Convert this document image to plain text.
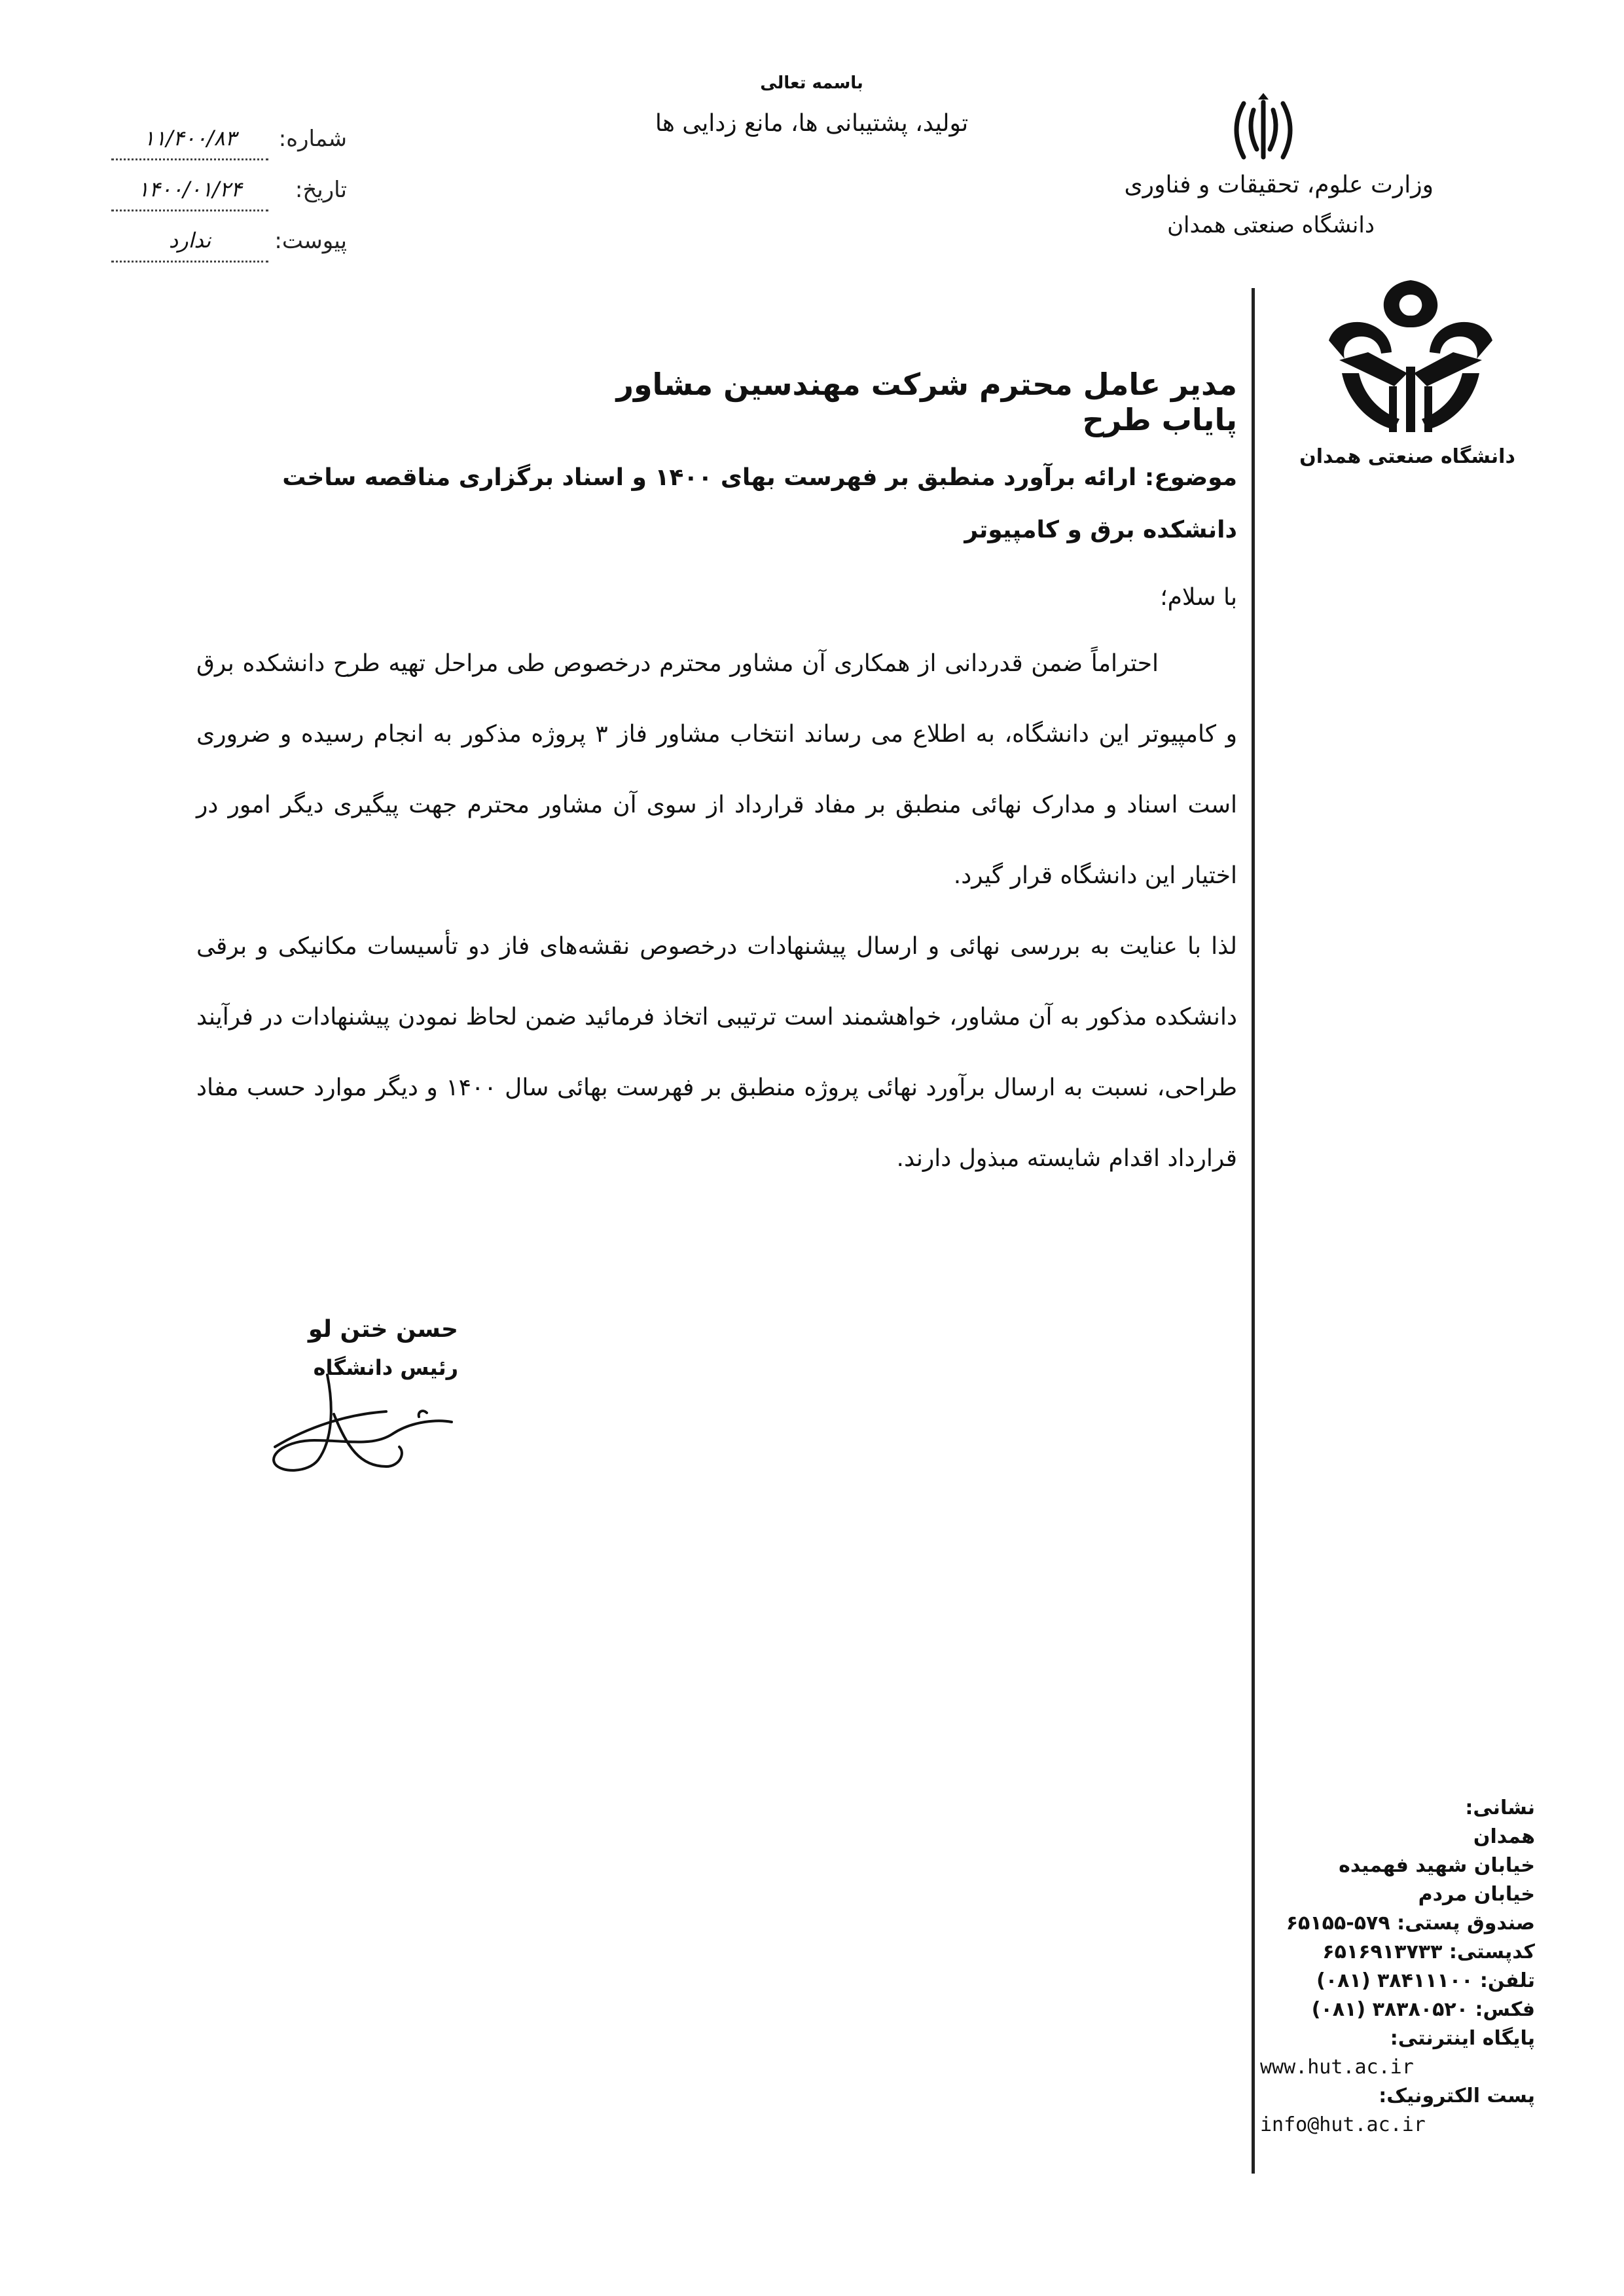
باسمه تعالی
تولید، پشتیبانی ها، مانع زدایی ها
وزارت علوم، تحقیقات و فناوری
دانشگاه صنعتی همدان
شماره:
۱۱/۴۰۰/۸۳
تاریخ:
۱۴۰۰/۰۱/۲۴
پیوست:
ندارد
دانشگاه صنعتی همدان
نشانی:
همدان
خیابان شهید فهمیده
خیابان مردم
صندوق پستی: ۵۷۹-۶۵۱۵۵
کدپستی: ۶۵۱۶۹۱۳۷۳۳
تلفن: ۳۸۴۱۱۱۰۰ (۰۸۱)
فکس: ۳۸۳۸۰۵۲۰ (۰۸۱)
پایگاه اینترنتی:
www.hut.ac.ir
پست الکترونیک:
info@hut.ac.ir
مدیر عامل محترم شرکت مهندسین مشاور پایاب طرح
موضوع: ارائه برآورد منطبق بر فهرست بهای ۱۴۰۰ و اسناد برگزاری مناقصه ساخت دانشکده برق و کامپیوتر
با سلام؛

احتراماً ضمن قدردانی از همکاری آن مشاور محترم درخصوص طی مراحل تهیه طرح دانشکده برق و کامپیوتر این دانشگاه، به اطلاع می رساند انتخاب مشاور فاز ۳ پروژه مذکور به انجام رسیده و ضروری است اسناد و مدارک نهائی منطبق بر مفاد قرارداد از سوی آن مشاور محترم جهت پیگیری دیگر امور در اختیار این دانشگاه قرار گیرد.

لذا با عنایت به بررسی نهائی و ارسال پیشنهادات درخصوص نقشه‌های فاز دو تأسیسات مکانیکی و برقی دانشکده مذکور به آن مشاور، خواهشمند است ترتیبی اتخاذ فرمائید ضمن لحاظ نمودن پیشنهادات در فرآیند طراحی، نسبت به ارسال برآورد نهائی پروژه منطبق بر فهرست بهائی سال ۱۴۰۰ و دیگر موارد حسب مفاد قرارداد اقدام شایسته مبذول دارند.

حسن ختن لو
رئیس دانشگاه
